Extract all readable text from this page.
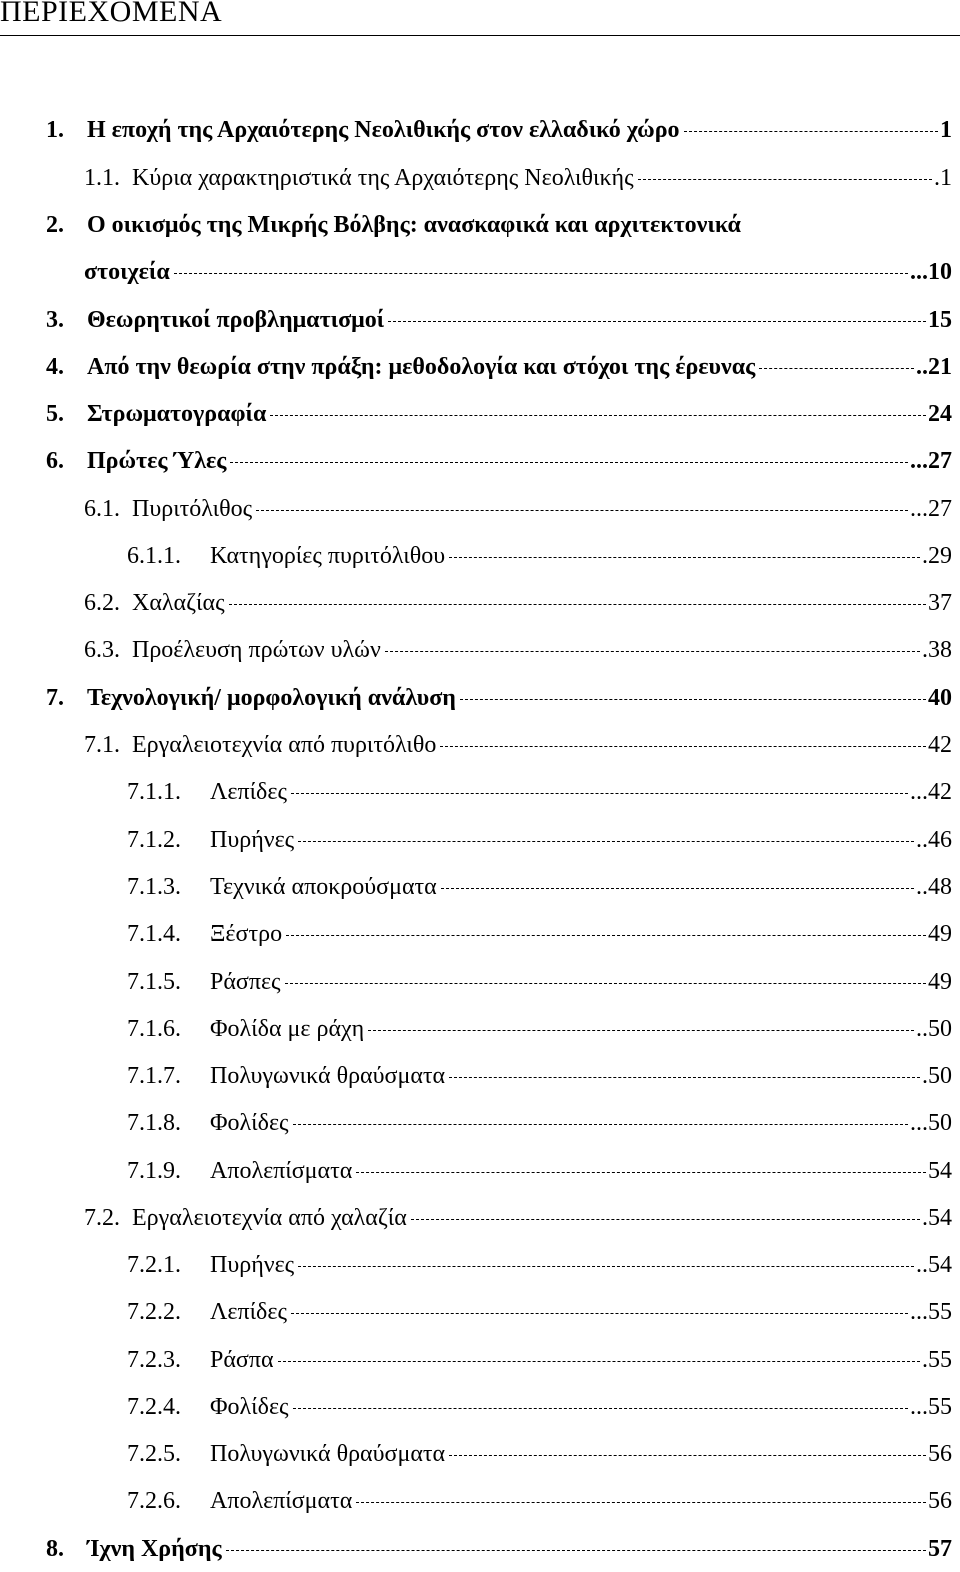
ΠΕΡΙΕΧΟΜΕΝΑ
1. Η εποχή της Αρχαιότερης Νεολιθικής στον ελλαδικό χώρο	1
1.1. Κύρια χαρακτηριστικά της Αρχαιότερης Νεολιθικής	.1
2. Ο οικισμός της Μικρής Βόλβης: ανασκαφικά και αρχιτεκτονικά
στοιχεία	...10
3. Θεωρητικοί προβληματισμοί	15
4. Από την θεωρία στην πράξη: μεθοδολογία και στόχοι της έρευνας	..21
5. Στρωματογραφία	24
6. Πρώτες Ύλες	...27
6.1. Πυριτόλιθος	...27
6.1.1. Κατηγορίες πυριτόλιθου	.29
6.2. Χαλαζίας	37
6.3. Προέλευση πρώτων υλών	.38
7. Τεχνολογική/ μορφολογική ανάλυση	40
7.1. Εργαλειοτεχνία από πυριτόλιθο	42
7.1.1. Λεπίδες	...42
7.1.2. Πυρήνες	..46
7.1.3. Τεχνικά αποκρούσματα	..48
7.1.4. Ξέστρο	49
7.1.5. Ράσπες	49
7.1.6. Φολίδα με ράχη	..50
7.1.7. Πολυγωνικά θραύσματα	.50
7.1.8. Φολίδες	...50
7.1.9. Απολεπίσματα	54
7.2. Εργαλειοτεχνία από χαλαζία	.54
7.2.1. Πυρήνες	..54
7.2.2. Λεπίδες	...55
7.2.3. Ράσπα	.55
7.2.4. Φολίδες	...55
7.2.5. Πολυγωνικά θραύσματα	56
7.2.6. Απολεπίσματα	56
8. Ίχνη Χρήσης	57
